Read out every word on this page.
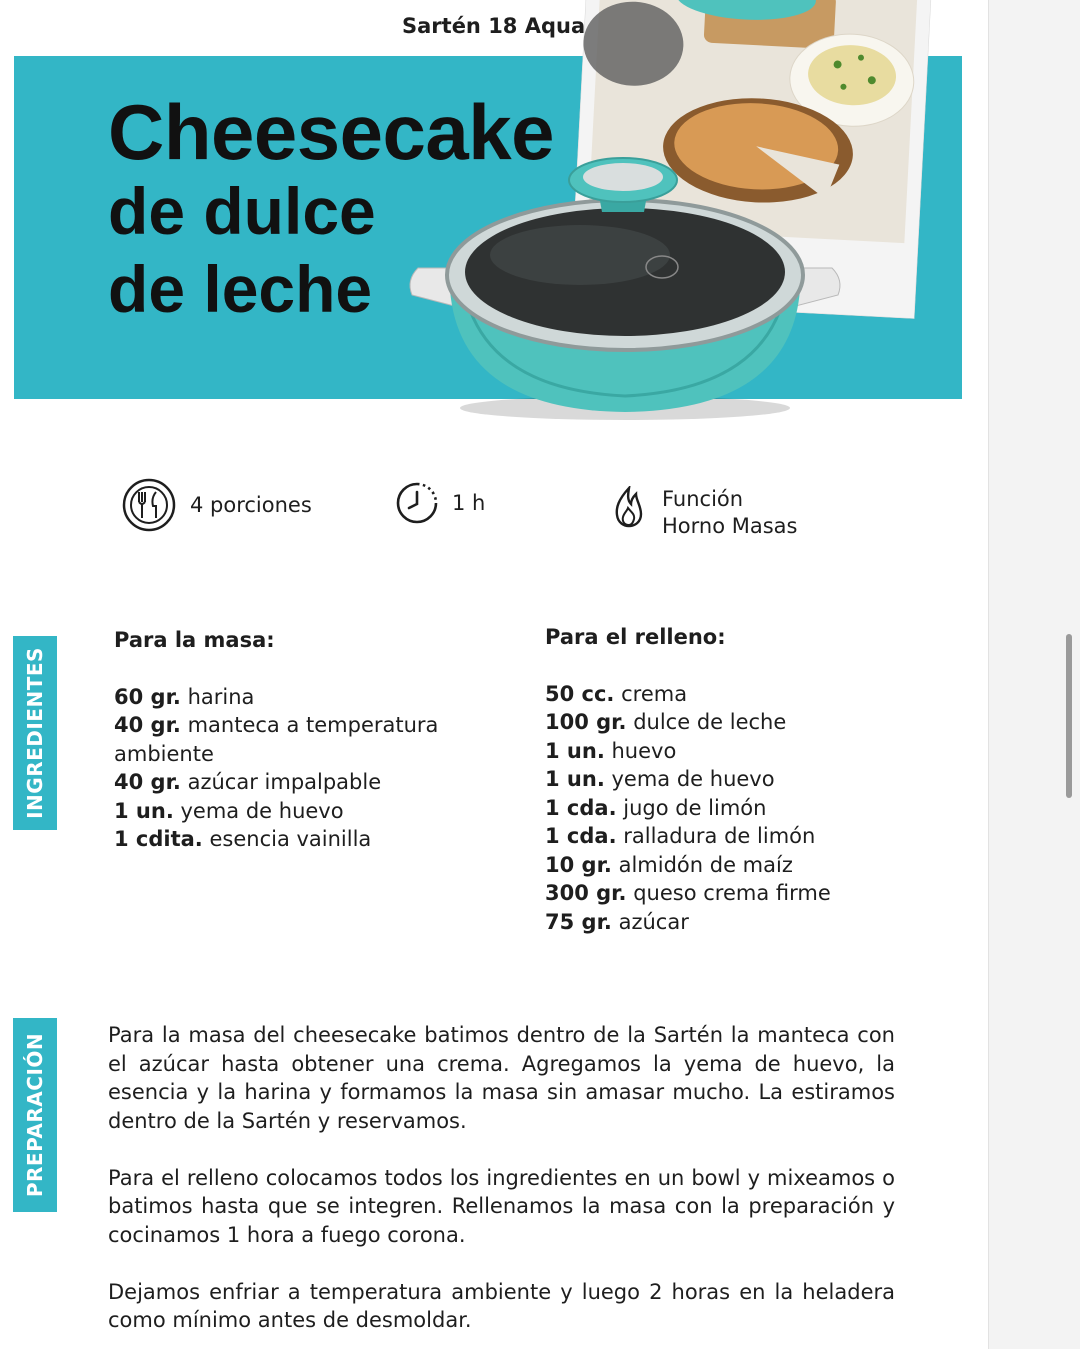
Sartén 18 Aqua
Cheesecake
de dulce
de leche
4 porciones	1 h	Función
Horno Masas
INGREDIENTES
Para la masa:
60 gr. harina
40 gr. manteca a temperatura ambiente
40 gr. azúcar impalpable
1 un. yema de huevo
1 cdita. esencia vainilla
Para el relleno:
50 cc. crema
100 gr. dulce de leche
1 un. huevo
1 un. yema de huevo
1 cda. jugo de limón
1 cda. ralladura de limón
10 gr. almidón de maíz
300 gr. queso crema firme
75 gr. azúcar
PREPARACIÓN	Para la masa del cheesecake batimos dentro de la Sartén la manteca con el azúcar hasta obtener una crema. Agregamos la yema de huevo, la esencia y la harina y formamos la masa sin amasar mucho. La estiramos dentro de la Sartén y reservamos.

Para el relleno colocamos todos los ingredientes en un bowl y mixeamos o batimos hasta que se integren. Rellenamos la masa con la preparación y cocinamos 1 hora a fuego corona.

Dejamos enfriar a temperatura ambiente y luego 2 horas en la heladera como mínimo antes de desmoldar.
